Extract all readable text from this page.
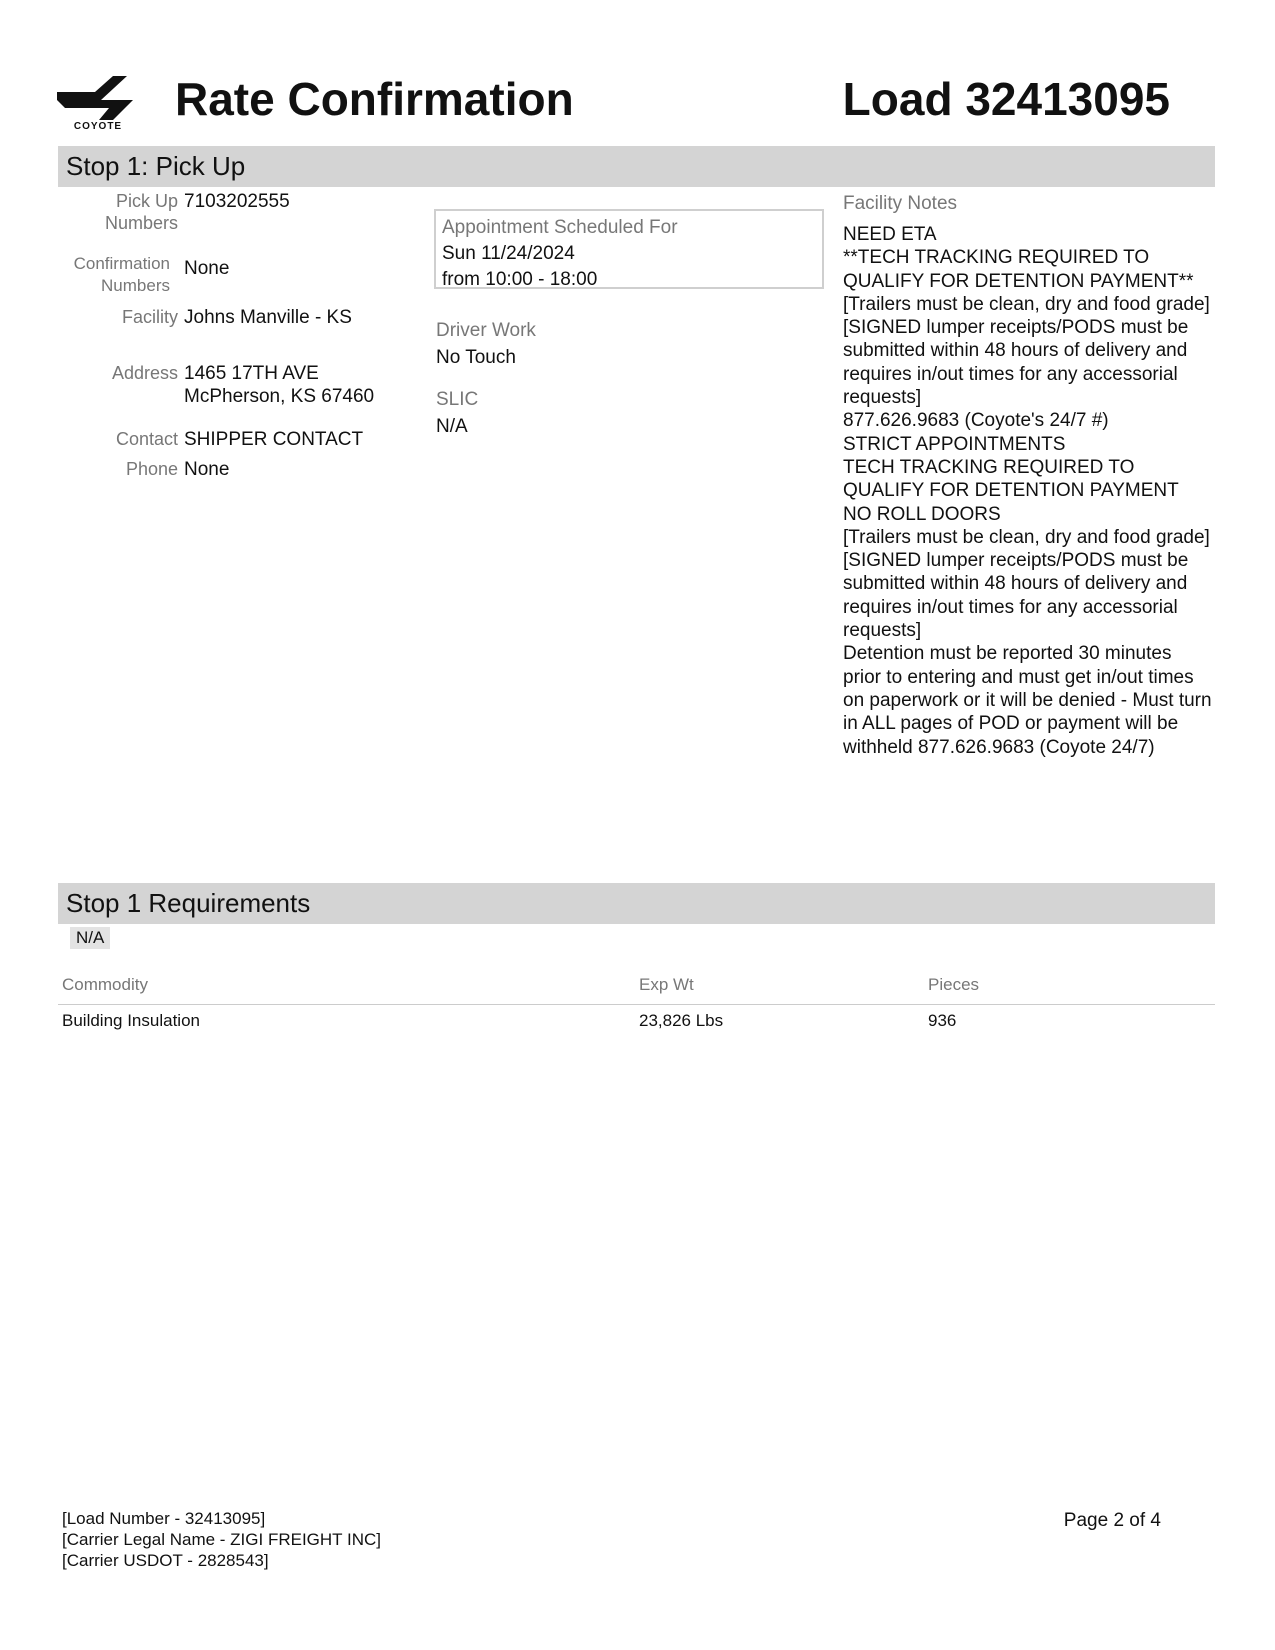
COYOTE
Rate Confirmation	Load 32413095
Stop 1: Pick Up
Pick Up
Numbers
7103202555
Confirmation
Numbers
None
Facility Johns Manville - KS
Address 1465 17TH AVE
McPherson, KS 67460
Contact SHIPPER CONTACT
Phone None
Appointment Scheduled For
Sun 11/24/2024
from 10:00 - 18:00
Driver Work
No Touch
SLIC
N/A
Facility Notes
NEED ETA
**TECH TRACKING REQUIRED TO QUALIFY FOR DETENTION PAYMENT**
[Trailers must be clean, dry and food grade]
[SIGNED lumper receipts/PODS must be submitted within 48 hours of delivery and requires in/out times for any accessorial requests]
877.626.9683 (Coyote's 24/7 #)
STRICT APPOINTMENTS
TECH TRACKING REQUIRED TO QUALIFY FOR DETENTION PAYMENT
NO ROLL DOORS
[Trailers must be clean, dry and food grade]
[SIGNED lumper receipts/PODS must be submitted within 48 hours of delivery and requires in/out times for any accessorial requests]
Detention must be reported 30 minutes prior to entering and must get in/out times on paperwork or it will be denied - Must turn in ALL pages of POD or payment will be withheld 877.626.9683 (Coyote 24/7)
Stop 1 Requirements
N/A
Commodity	Exp Wt	Pieces
Building Insulation	23,826 Lbs	936
[Load Number - 32413095]
[Carrier Legal Name - ZIGI FREIGHT INC]
[Carrier USDOT - 2828543]
Page 2 of 4
